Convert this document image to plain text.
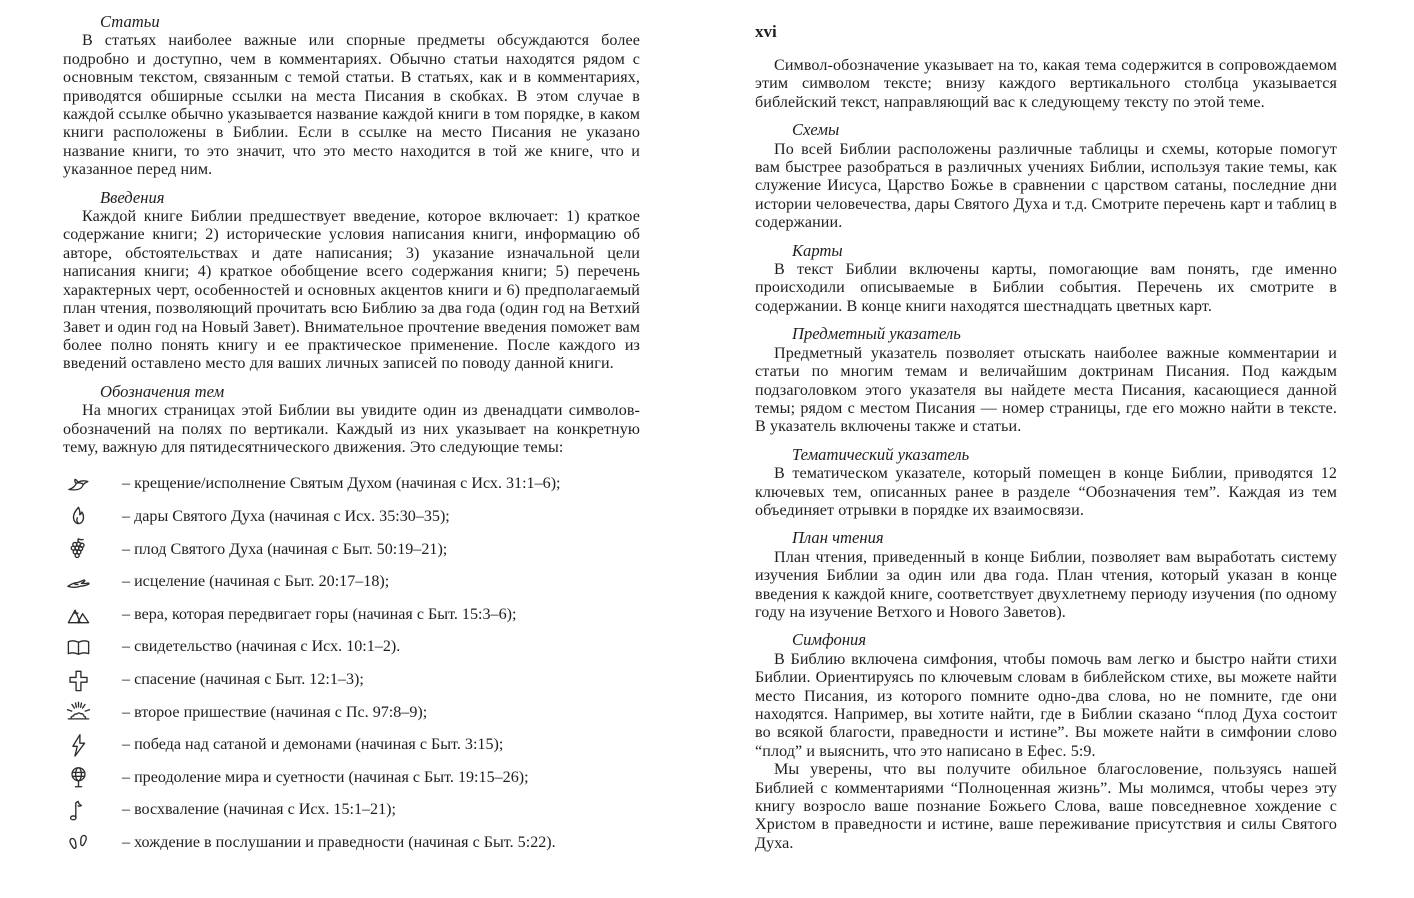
Статьи

В статьях наиболее важные или спорные предметы обсуждаются более подробно и доступно, чем в комментариях. Обычно статьи находятся рядом с основным текстом, связанным с темой статьи. В статьях, как и в комментариях, приводятся обширные ссылки на места Писания в скобках. В этом случае в каждой ссылке обычно указывается название каждой книги в том порядке, в каком книги расположены в Библии. Если в ссылке на место Писания не указано название книги, то это значит, что это место находится в той же книге, что и указанное перед ним.

Введения

Каждой книге Библии предшествует введение, которое включает: 1) краткое содержание книги; 2) исторические условия написания книги, информацию об авторе, обстоятельствах и дате написания; 3) указание изначальной цели написания книги; 4) краткое обобщение всего содержания книги; 5) перечень характерных черт, особенностей и основных акцентов книги и 6) предполагаемый план чтения, позволяющий прочитать всю Библию за два года (один год на Ветхий Завет и один год на Новый Завет). Внимательное прочтение введения поможет вам более полно понять книгу и ее практическое применение. После каждого из введений оставлено место для ваших личных записей по поводу данной книги.

Обозначения тем

На многих страницах этой Библии вы увидите один из двенадцати символов-обозначений на полях по вертикали. Каждый из них указывает на конкретную тему, важную для пятидесятнического движения. Это следующие темы:

– крещение/исполнение Святым Духом (начиная с Исх. 31:1–6);
– дары Святого Духа (начиная с Исх. 35:30–35);
– плод Святого Духа (начиная с Быт. 50:19–21);
– исцеление (начиная с Быт. 20:17–18);
– вера, которая передвигает горы (начиная с Быт. 15:3–6);
– свидетельство (начиная с Исх. 10:1–2).
– спасение (начиная с Быт. 12:1–3);
– второе пришествие (начиная с Пс. 97:8–9);
– победа над сатаной и демонами (начиная с Быт. 3:15);
– преодоление мира и суетности (начиная с Быт. 19:15–26);
– восхваление (начиная с Исх. 15:1–21);
– хождение в послушании и праведности (начиная с Быт. 5:22).
xvi

Символ-обозначение указывает на то, какая тема содержится в сопровождаемом этим символом тексте; внизу каждого вертикального столбца указывается библейский текст, направляющий вас к следующему тексту по этой теме.

Схемы

По всей Библии расположены различные таблицы и схемы, которые помогут вам быстрее разобраться в различных учениях Библии, используя такие темы, как служение Иисуса, Царство Божье в сравнении с царством сатаны, последние дни истории человечества, дары Святого Духа и т.д. Смотрите перечень карт и таблиц в содержании.

Карты

В текст Библии включены карты, помогающие вам понять, где именно происходили описываемые в Библии события. Перечень их смотрите в содержании. В конце книги находятся шестнадцать цветных карт.

Предметный указатель

Предметный указатель позволяет отыскать наиболее важные комментарии и статьи по многим темам и величайшим доктринам Писания. Под каждым подзаголовком этого указателя вы найдете места Писания, касающиеся данной темы; рядом с местом Писания — номер страницы, где его можно найти в тексте. В указатель включены также и статьи.

Тематический указатель

В тематическом указателе, который помещен в конце Библии, приводятся 12 ключевых тем, описанных ранее в разделе “Обозначения тем”. Каждая из тем объединяет отрывки в порядке их взаимосвязи.

План чтения

План чтения, приведенный в конце Библии, позволяет вам выработать систему изучения Библии за один или два года. План чтения, который указан в конце введения к каждой книге, соответствует двухлетнему периоду изучения (по одному году на изучение Ветхого и Нового Заветов).

Симфония

В Библию включена симфония, чтобы помочь вам легко и быстро найти стихи Библии. Ориентируясь по ключевым словам в библейском стихе, вы можете найти место Писания, из которого помните одно-два слова, но не помните, где они находятся. Например, вы хотите найти, где в Библии сказано “плод Духа состоит во всякой благости, праведности и истине”. Вы можете найти в симфонии слово “плод” и выяснить, что это написано в Ефес. 5:9.

Мы уверены, что вы получите обильное благословение, пользуясь нашей Библией с комментариями “Полноценная жизнь”. Мы молимся, чтобы через эту книгу возросло ваше познание Божьего Слова, ваше повседневное хождение с Христом в праведности и истине, ваше переживание присутствия и силы Святого Духа.
